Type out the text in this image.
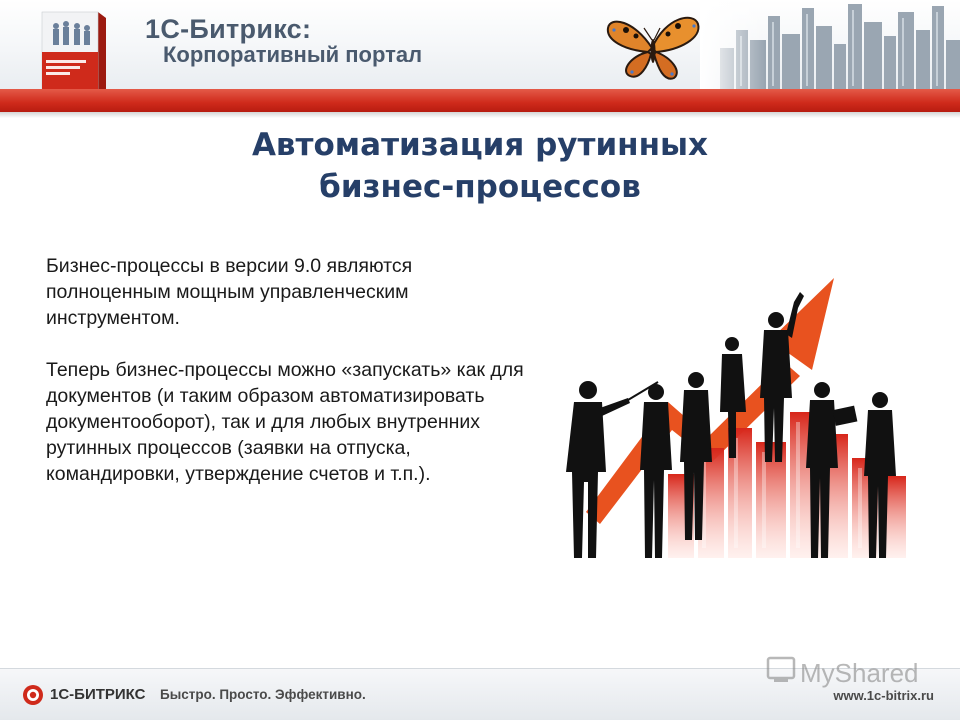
1С-Битрикс:
Корпоративный портал
Автоматизация рутинных
бизнес-процессов

Бизнес-процессы в версии 9.0 являются полноценным мощным управленческим инструментом.

Теперь бизнес-процессы можно «запускать» как для документов (и таким образом автоматизировать документооборот), так и для любых внутренних рутинных процессов (заявки на отпуска, командировки, утверждение счетов и т.п.).

1С-БИТРИКС Быстро. Просто. Эффективно.
MyShared
www.1c-bitrix.ru
